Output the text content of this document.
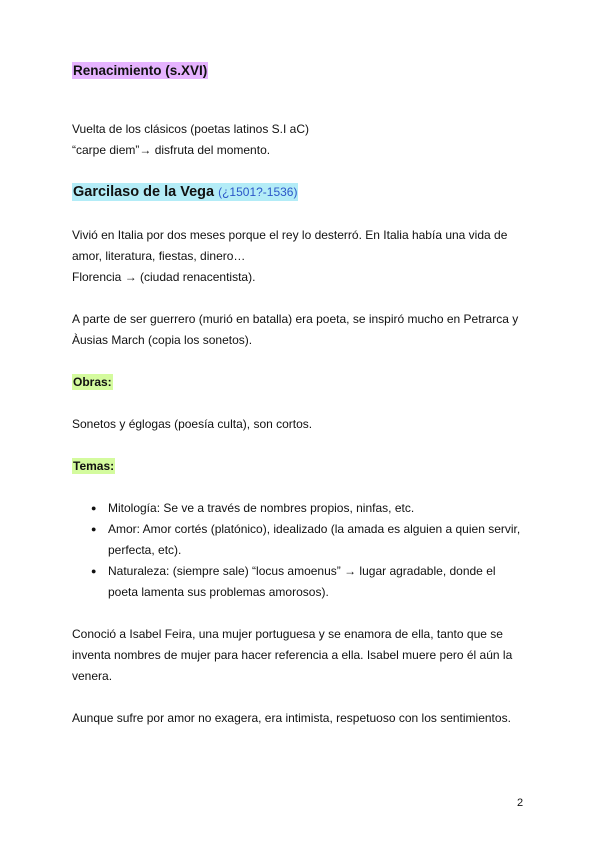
Renacimiento (s.XVI)

Vuelta de los clásicos (poetas latinos S.I aC)

“carpe diem”→ disfruta del momento.

Garcilaso de la Vega (¿1501?-1536)

Vivió en Italia por dos meses porque el rey lo desterró. En Italia había una vida de

amor, literatura, fiestas, dinero…

Florencia → (ciudad renacentista).

A parte de ser guerrero (murió en batalla) era poeta, se inspiró mucho en Petrarca y

Àusias March (copia los sonetos).

Obras:

Sonetos y églogas (poesía culta), son cortos.

Temas:

● Mitología: Se ve a través de nombres propios, ninfas, etc.
● Amor: Amor cortés (platónico), idealizado (la amada es alguien a quien servir,
perfecta, etc).
● Naturaleza: (siempre sale) “locus amoenus” → lugar agradable, donde el
poeta lamenta sus problemas amorosos).

Conoció a Isabel Feira, una mujer portuguesa y se enamora de ella, tanto que se

inventa nombres de mujer para hacer referencia a ella. Isabel muere pero él aún la

venera.

Aunque sufre por amor no exagera, era intimista, respetuoso con los sentimientos.

2
